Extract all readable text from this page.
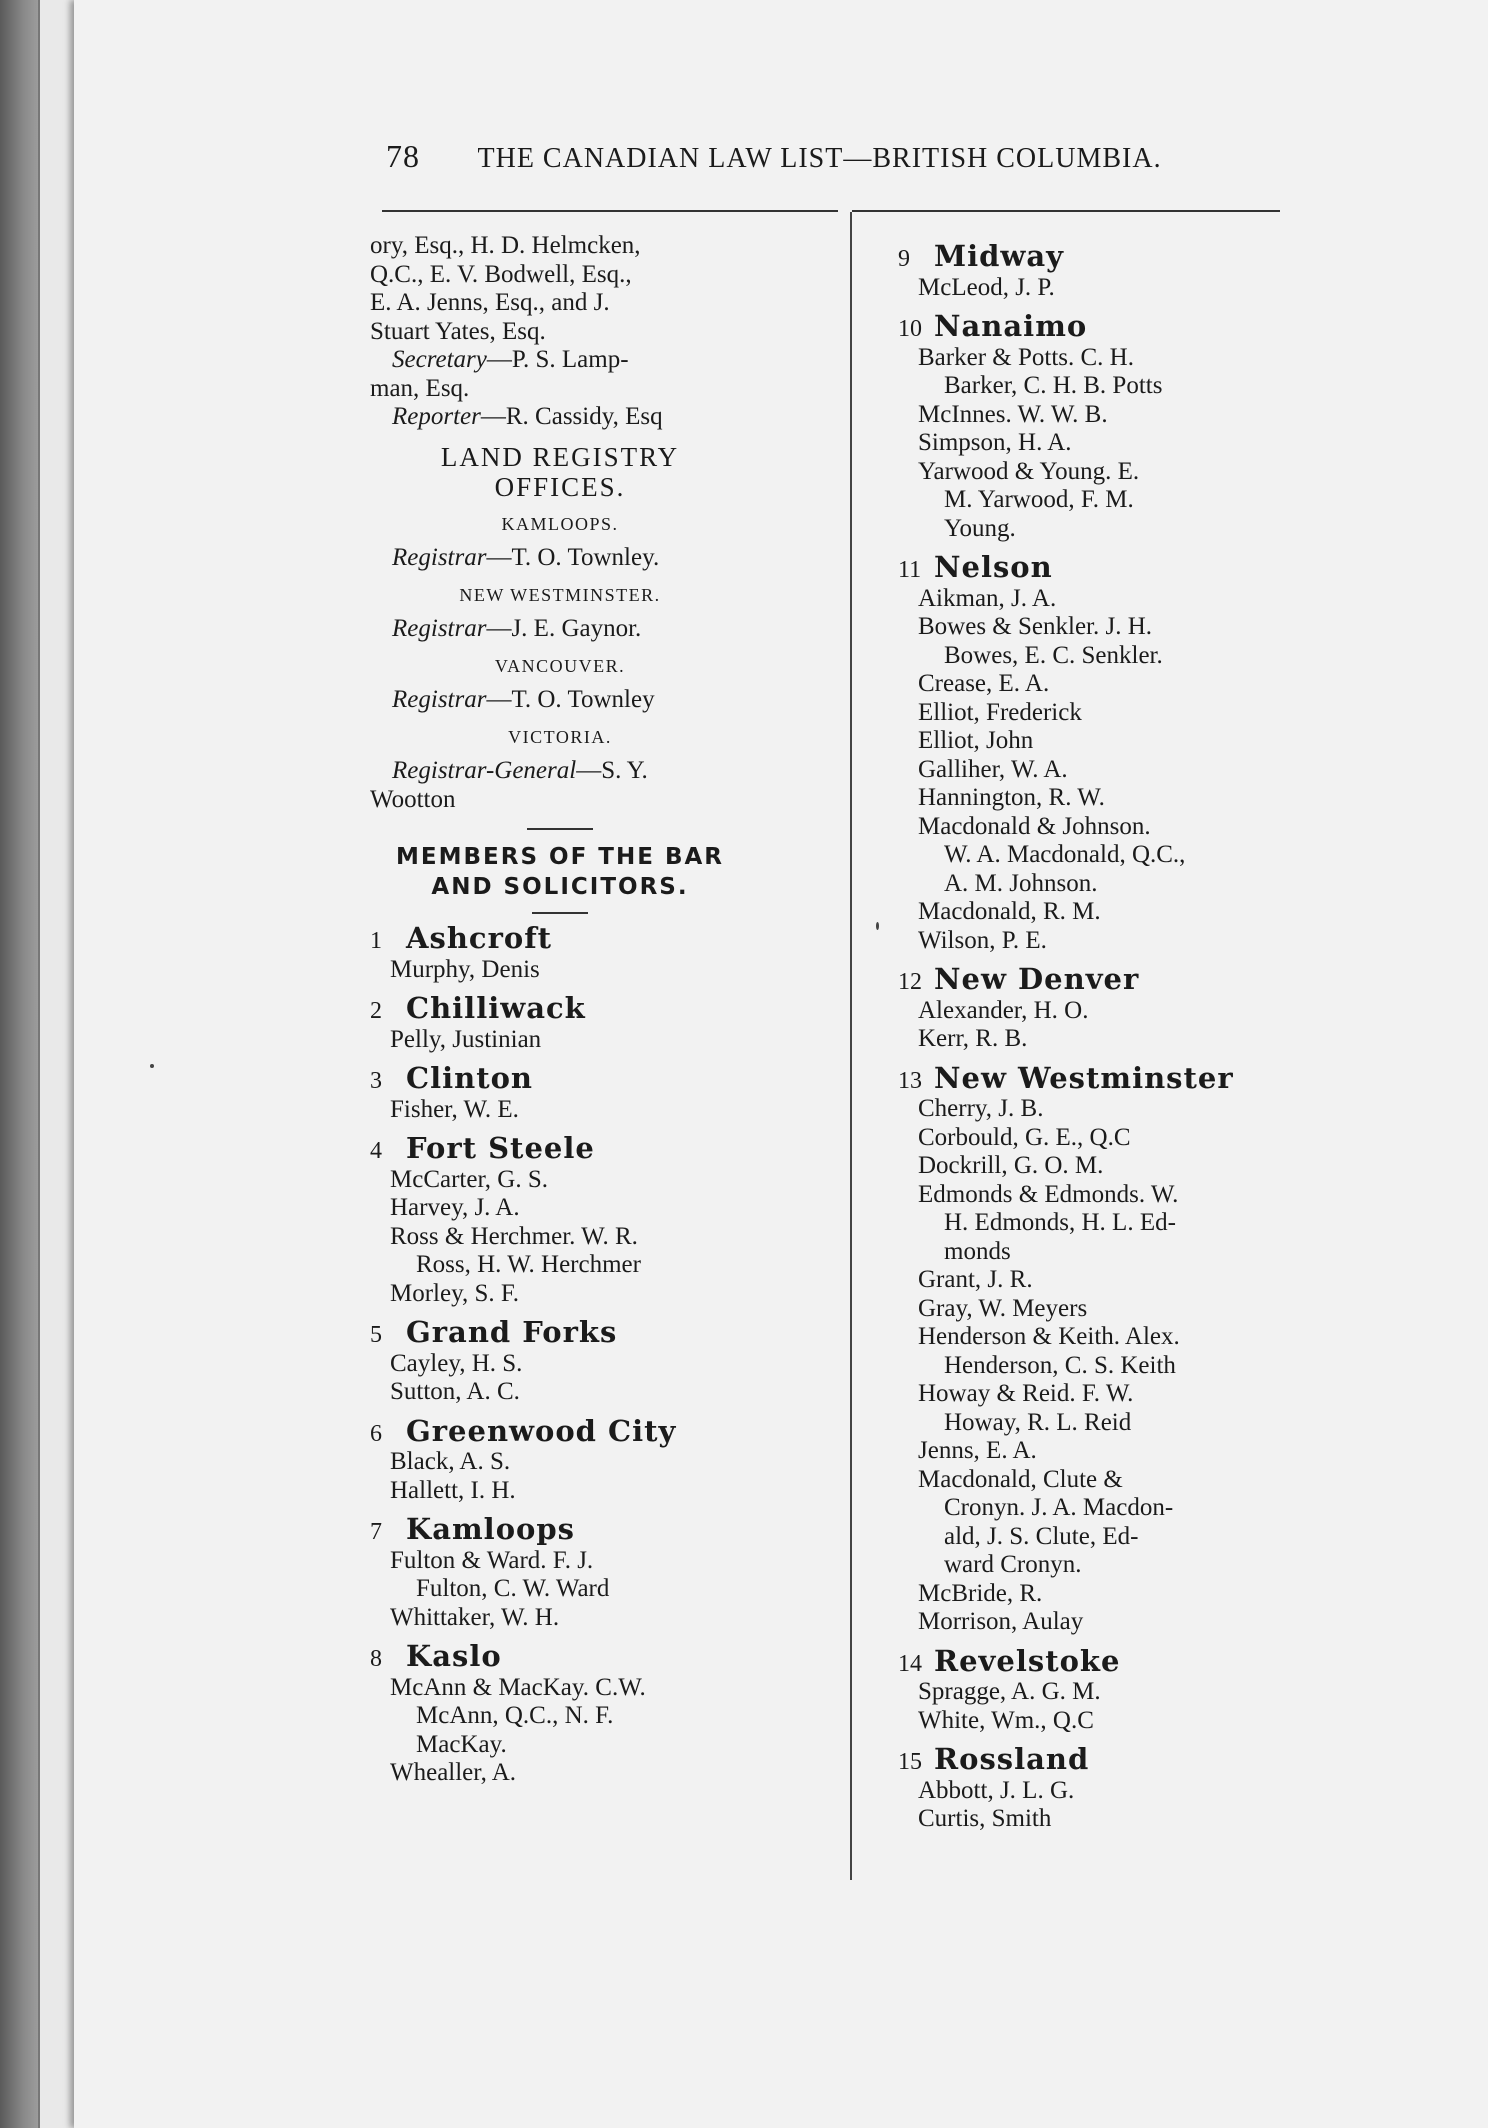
78 THE CANADIAN LAW LIST—BRITISH COLUMBIA.
ory, Esq., H. D. Helmcken,
Q.C., E. V. Bodwell, Esq.,
E. A. Jenns, Esq., and J.
Stuart Yates, Esq.
Secretary—P. S. Lamp-
man, Esq.
Reporter—R. Cassidy, Esq
LAND REGISTRY
OFFICES.
KAMLOOPS.
Registrar—T. O. Townley.
NEW WESTMINSTER.
Registrar—J. E. Gaynor.
VANCOUVER.
Registrar—T. O. Townley
VICTORIA.
Registrar-General—S. Y.
Wootton
MEMBERS OF THE BAR
AND SOLICITORS.
1 Ashcroft
Murphy, Denis
2 Chilliwack
Pelly, Justinian
3 Clinton
Fisher, W. E.
4 Fort Steele
McCarter, G. S.
Harvey, J. A.
Ross & Herchmer. W. R.
Ross, H. W. Herchmer
Morley, S. F.
5 Grand Forks
Cayley, H. S.
Sutton, A. C.
6 Greenwood City
Black, A. S.
Hallett, I. H.
7 Kamloops
Fulton & Ward. F. J.
Fulton, C. W. Ward
Whittaker, W. H.
8 Kaslo
McAnn & MacKay. C.W.
McAnn, Q.C., N. F.
MacKay.
Whealler, A.
9 Midway
McLeod, J. P.
10 Nanaimo
Barker & Potts. C. H.
Barker, C. H. B. Potts
McInnes. W. W. B.
Simpson, H. A.
Yarwood & Young. E.
M. Yarwood, F. M.
Young.
11 Nelson
Aikman, J. A.
Bowes & Senkler. J. H.
Bowes, E. C. Senkler.
Crease, E. A.
Elliot, Frederick
Elliot, John
Galliher, W. A.
Hannington, R. W.
Macdonald & Johnson.
W. A. Macdonald, Q.C.,
A. M. Johnson.
Macdonald, R. M.
Wilson, P. E.
12 New Denver
Alexander, H. O.
Kerr, R. B.
13 New Westminster
Cherry, J. B.
Corbould, G. E., Q.C
Dockrill, G. O. M.
Edmonds & Edmonds. W.
H. Edmonds, H. L. Ed-
monds
Grant, J. R.
Gray, W. Meyers
Henderson & Keith. Alex.
Henderson, C. S. Keith
Howay & Reid. F. W.
Howay, R. L. Reid
Jenns, E. A.
Macdonald, Clute &
Cronyn. J. A. Macdon-
ald, J. S. Clute, Ed-
ward Cronyn.
McBride, R.
Morrison, Aulay
14 Revelstoke
Spragge, A. G. M.
White, Wm., Q.C
15 Rossland
Abbott, J. L. G.
Curtis, Smith
